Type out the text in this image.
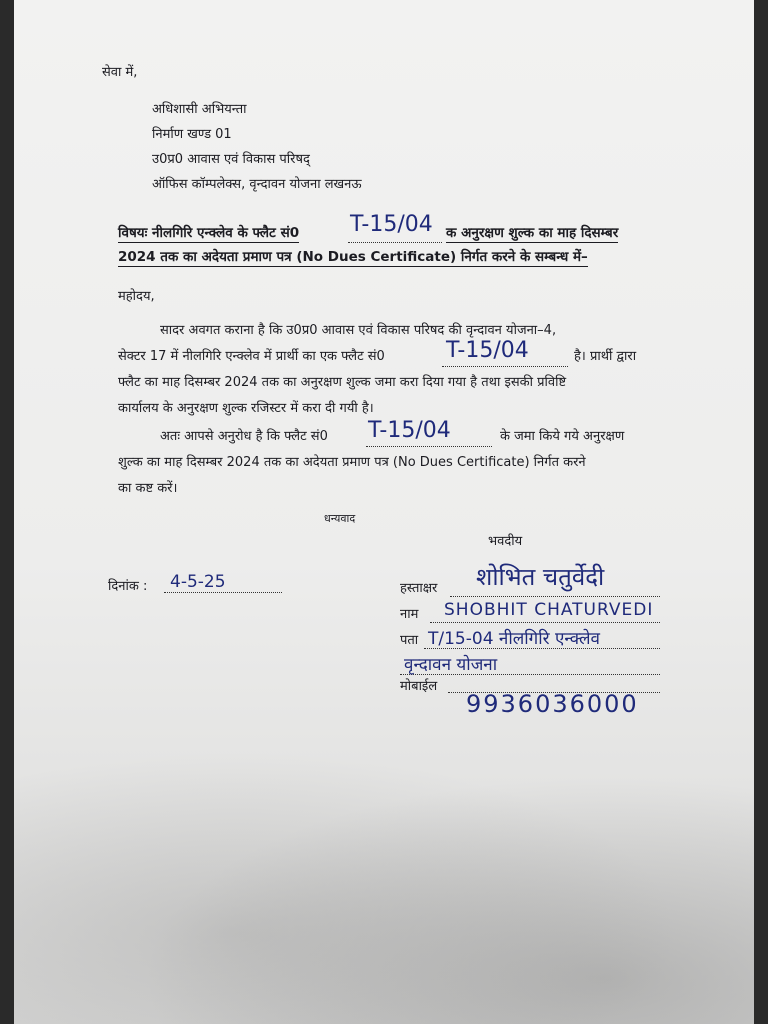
सेवा में,
अधिशासी अभियन्ता
निर्माण खण्ड 01
उ0प्र0 आवास एवं विकास परिषद्
ऑफिस कॉम्पलेक्स, वृन्दावन योजना लखनऊ
विषयः नीलगिरि एन्क्लेव के फ्लैट सं0 T-15/04 क अनुरक्षण शुल्क का माह दिसम्बर
2024 तक का अदेयता प्रमाण पत्र (No Dues Certificate) निर्गत करने के सम्बन्ध में–
महोदय,
सादर अवगत कराना है कि उ0प्र0 आवास एवं विकास परिषद की वृन्दावन योजना–4,
सेक्टर 17 में नीलगिरि एन्क्लेव में प्रार्थी का एक फ्लैट सं0	T-15/04	है। प्रार्थी द्वारा
फ्लैट का माह दिसम्बर 2024 तक का अनुरक्षण शुल्क जमा करा दिया गया है तथा इसकी प्रविष्टि
कार्यालय के अनुरक्षण शुल्क रजिस्टर में करा दी गयी है।
अतः आपसे अनुरोध है कि फ्लैट सं0 T-15/04	के जमा किये गये अनुरक्षण
शुल्क का माह दिसम्बर 2024 तक का अदेयता प्रमाण पत्र (No Dues Certificate) निर्गत करने
का कष्ट करें।
धन्यवाद
भवदीय
दिनांक : 4-5-25	हस्ताक्षर शोभित चतुर्वेदी
नाम SHOBHIT CHATURVEDI
पता T/15-04 नीलगिरि एन्क्लेव
वृन्दावन योजना
मोबाईल
9936036000
